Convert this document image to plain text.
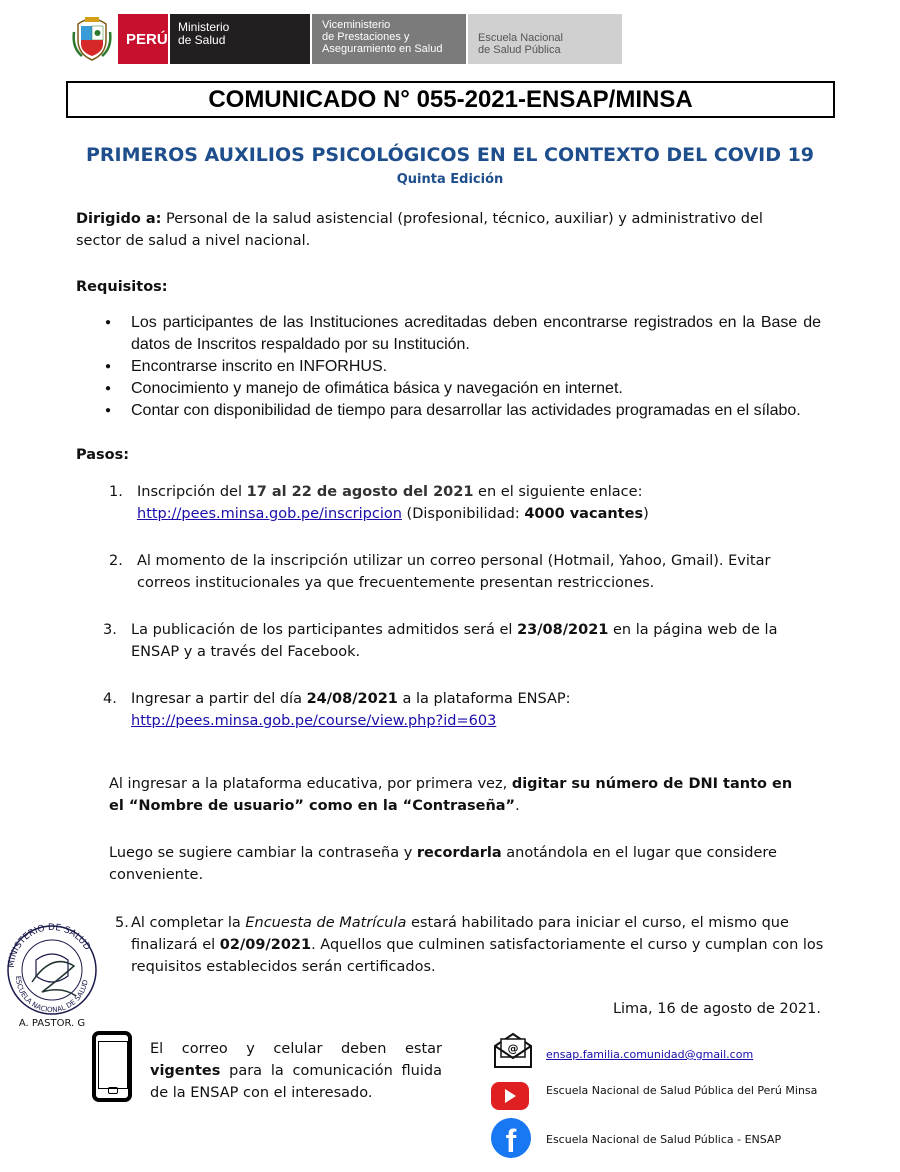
PERÚ
Ministerio
de Salud
Viceministerio
de Prestaciones y
Aseguramiento en Salud
Escuela Nacional
de Salud Pública
COMUNICADO N° 055-2021-ENSAP/MINSA
PRIMEROS AUXILIOS PSICOLÓGICOS EN EL CONTEXTO DEL COVID 19
Quinta Edición
Dirigido a: Personal de la salud asistencial (profesional, técnico, auxiliar) y administrativo del sector de salud a nivel nacional.
Requisitos:
● Los participantes de las Instituciones acreditadas deben encontrarse registrados en la Base de datos de Inscritos respaldado por su Institución.
● Encontrarse inscrito en INFORHUS.
● Conocimiento y manejo de ofimática básica y navegación en internet.
● Contar con disponibilidad de tiempo para desarrollar las actividades programadas en el sílabo.
Pasos:
1. Inscripción del 17 al 22 de agosto del 2021 en el siguiente enlace:
http://pees.minsa.gob.pe/inscripcion (Disponibilidad: 4000 vacantes)
2. Al momento de la inscripción utilizar un correo personal (Hotmail, Yahoo, Gmail). Evitar correos institucionales ya que frecuentemente presentan restricciones.
3. La publicación de los participantes admitidos será el 23/08/2021 en la página web de la ENSAP y a través del Facebook.
4. Ingresar a partir del día 24/08/2021 a la plataforma ENSAP:
http://pees.minsa.gob.pe/course/view.php?id=603
Al ingresar a la plataforma educativa, por primera vez, digitar su número de DNI tanto en el “Nombre de usuario” como en la “Contraseña”.
Luego se sugiere cambiar la contraseña y recordarla anotándola en el lugar que considere conveniente.
5. Al completar la Encuesta de Matrícula estará habilitado para iniciar el curso, el mismo que finalizará el 02/09/2021. Aquellos que culminen satisfactoriamente el curso y cumplan con los requisitos establecidos serán certificados.
Lima, 16 de agosto de 2021.
MINISTERIO DE SALUD
ESCUELA NACIONAL DE SALUD
A. PASTOR. G
El correo y celular deben estar vigentes para la comunicación fluida de la ENSAP con el interesado.
@	ensap.familia.comunidad@gmail.com
Escuela Nacional de Salud Pública del Perú Minsa
f	Escuela Nacional de Salud Pública - ENSAP
